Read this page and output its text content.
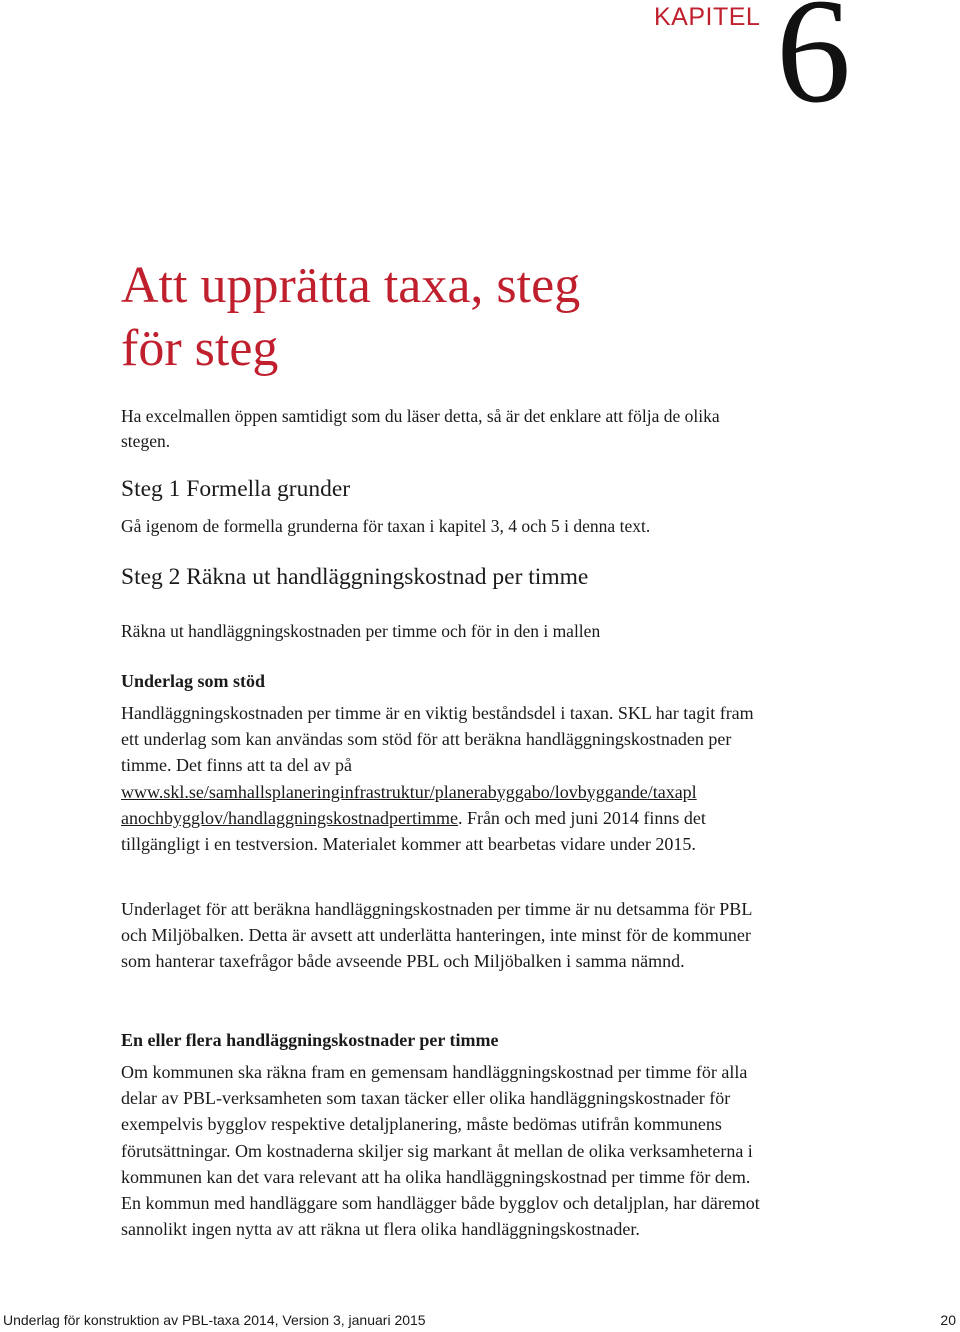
KAPITEL 6
Att upprätta taxa, steg
för steg

Ha excelmallen öppen samtidigt som du läser detta, så är det enklare att följa de olika stegen.

Steg 1 Formella grunder

Gå igenom de formella grunderna för taxan i kapitel 3, 4 och 5 i denna text.

Steg 2 Räkna ut handläggningskostnad per timme

Räkna ut handläggningskostnaden per timme och för in den i mallen

Underlag som stöd

Handläggningskostnaden per timme är en viktig beståndsdel i taxan. SKL har tagit fram ett underlag som kan användas som stöd för att beräkna handläggningskostnaden per timme. Det finns att ta del av på www.skl.se/samhallsplaneringinfrastruktur/planerabyggabo/lovbyggande/taxapl
anochbygglov/handlaggningskostnadpertimme. Från och med juni 2014 finns det tillgängligt i en testversion. Materialet kommer att bearbetas vidare under 2015.

Underlaget för att beräkna handläggningskostnaden per timme är nu detsamma för PBL och Miljöbalken. Detta är avsett att underlätta hanteringen, inte minst för de kommuner som hanterar taxefrågor både avseende PBL och Miljöbalken i samma nämnd.

En eller flera handläggningskostnader per timme

Om kommunen ska räkna fram en gemensam handläggningskostnad per timme för alla delar av PBL-verksamheten som taxan täcker eller olika handläggningskostnader för exempelvis bygglov respektive detaljplanering, måste bedömas utifrån kommunens förutsättningar. Om kostnaderna skiljer sig markant åt mellan de olika verksamheterna i kommunen kan det vara relevant att ha olika handläggningskostnad per timme för dem. En kommun med handläggare som handlägger både bygglov och detaljplan, har däremot sannolikt ingen nytta av att räkna ut flera olika handläggningskostnader.

Underlag för konstruktion av PBL-taxa 2014, Version 3, januari 2015	20
